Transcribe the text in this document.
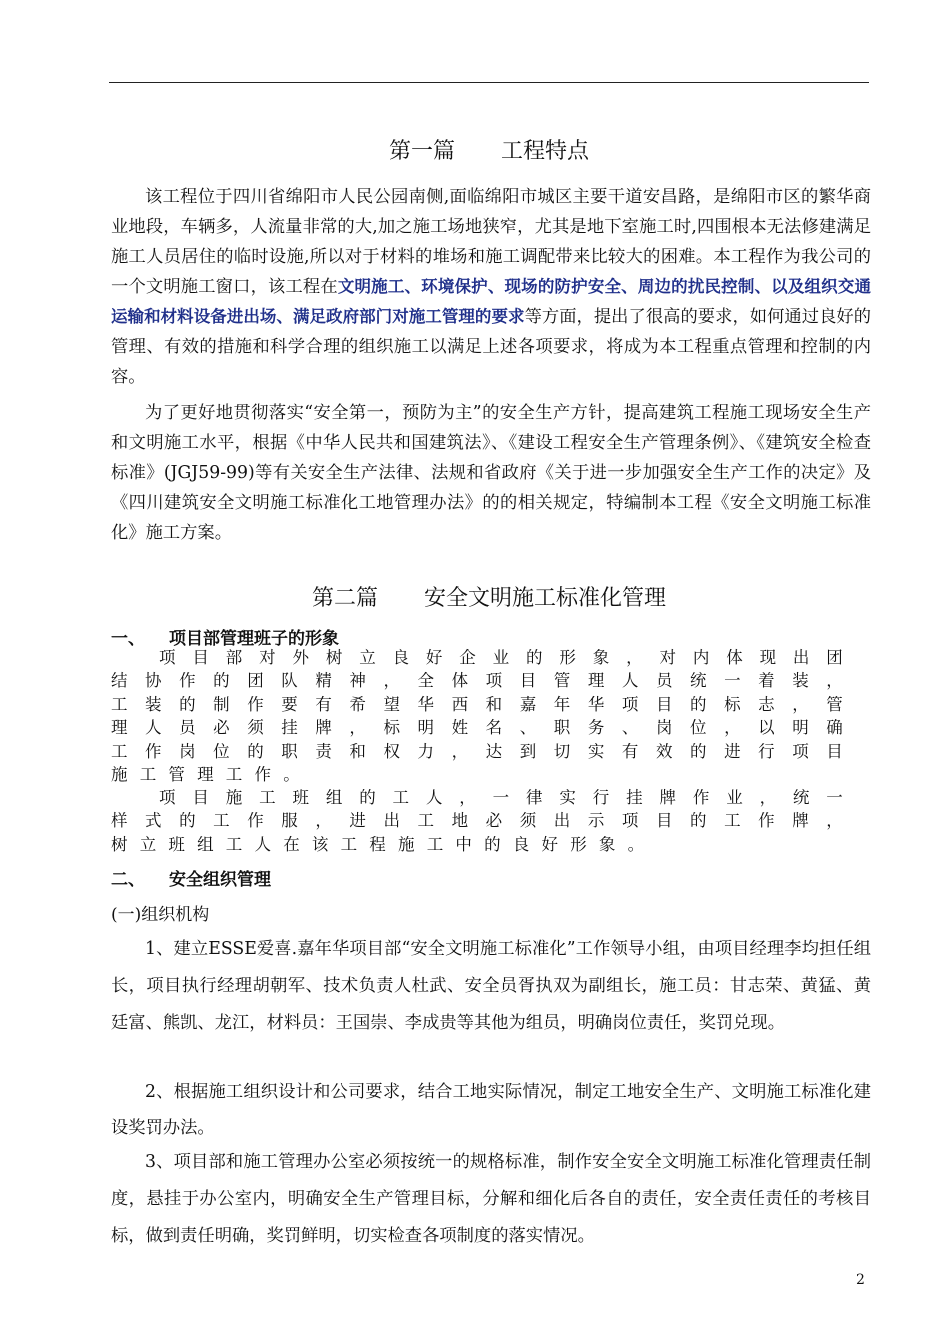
第一篇 工程特点

该工程位于四川省绵阳市人民公园南侧,面临绵阳市城区主要干道安昌路，是绵阳市区的繁华商业地段，车辆多，人流量非常的大,加之施工场地狭窄，尤其是地下室施工时,四围根本无法修建满足施工人员居住的临时设施,所以对于材料的堆场和施工调配带来比较大的困难。本工程作为我公司的一个文明施工窗口，该工程在文明施工、环境保护、现场的防护安全、周边的扰民控制、以及组织交通运输和材料设备进出场、满足政府部门对施工管理的要求等方面，提出了很高的要求，如何通过良好的管理、有效的措施和科学合理的组织施工以满足上述各项要求，将成为本工程重点管理和控制的内容。

为了更好地贯彻落实“安全第一，预防为主”的安全生产方针，提高建筑工程施工现场安全生产和文明施工水平，根据《中华人民共和国建筑法》、《建设工程安全生产管理条例》、《建筑安全检查标准》(JGJ59-99)等有关安全生产法律、法规和省政府《关于进一步加强安全生产工作的决定》及《四川建筑安全文明施工标准化工地管理办法》的的相关规定，特编制本工程《安全文明施工标准化》施工方案。

第二篇 安全文明施工标准化管理
一、 项目部管理班子的形象
项目部对外树立良好企业的形象，对内体现出团
结协作的团队精神，全体项目管理人员统一着装，
工装的制作要有希望华西和嘉年华项目的标志，管
理人员必须挂牌，标明姓名、职务、岗位，以明确
工作岗位的职责和权力，达到切实有效的进行项目
施工管理工作。
项目施工班组的工人，一律实行挂牌作业，统一
样式的工作服，进出工地必须出示项目的工作牌，
树立班组工人在该工程施工中的良好形象。
二、 安全组织管理

(一)组织机构

1、建立ESSE爱喜.嘉年华项目部“安全文明施工标准化”工作领导小组，由项目经理李均担任组长，项目执行经理胡朝军、技术负责人杜武、安全员胥执双为副组长，施工员：甘志荣、黄猛、黄廷富、熊凯、龙江，材料员：王国崇、李成贵等其他为组员，明确岗位责任，奖罚兑现。

2、根据施工组织设计和公司要求，结合工地实际情况，制定工地安全生产、文明施工标准化建设奖罚办法。

3、项目部和施工管理办公室必须按统一的规格标准，制作安全安全文明施工标准化管理责任制度，悬挂于办公室内，明确安全生产管理目标，分解和细化后各自的责任，安全责任责任的考核目标，做到责任明确，奖罚鲜明，切实检查各项制度的落实情况。

2
